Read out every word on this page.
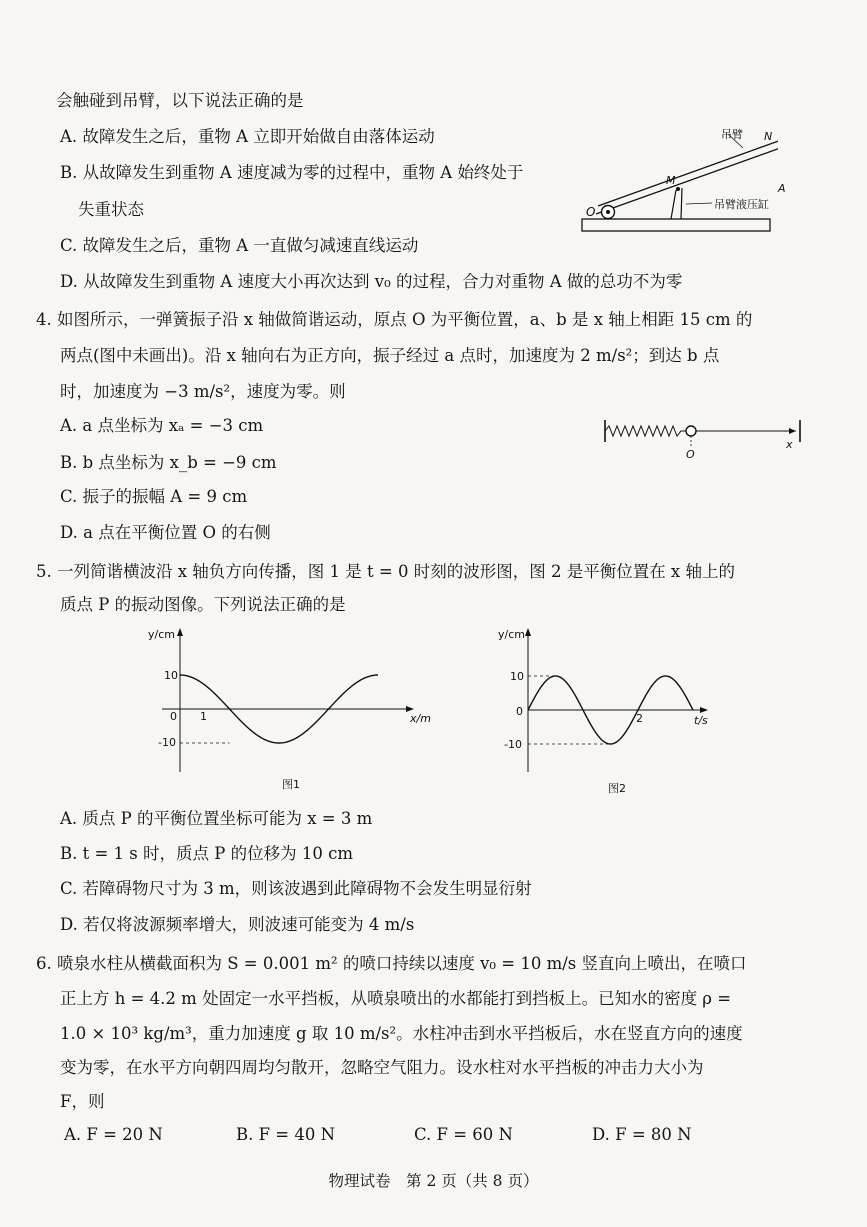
会触碰到吊臂，以下说法正确的是
A. 故障发生之后，重物 A 立即开始做自由落体运动
B. 从故障发生到重物 A 速度减为零的过程中，重物 A 始终处于
失重状态
C. 故障发生之后，重物 A 一直做匀减速直线运动
D. 从故障发生到重物 A 速度大小再次达到 v₀ 的过程，合力对重物 A 做的总功不为零
吊臂 N
M
O
吊臂液压缸
A
4. 如图所示，一弹簧振子沿 x 轴做简谐运动，原点 O 为平衡位置，a、b 是 x 轴上相距 15 cm 的
两点(图中未画出)。沿 x 轴向右为正方向，振子经过 a 点时，加速度为 2 m/s²；到达 b 点
时，加速度为 −3 m/s²，速度为零。则
A. a 点坐标为 xₐ = −3 cm
B. b 点坐标为 x_b = −9 cm
C. 振子的振幅 A = 9 cm
D. a 点在平衡位置 O 的右侧
O
x
5. 一列简谐横波沿 x 轴负方向传播，图 1 是 t = 0 时刻的波形图，图 2 是平衡位置在 x 轴上的
质点 P 的振动图像。下列说法正确的是
y/cm
x/m
10
-10
0 1
图1
y/cm
t/s
10
0
-10
2
图2
A. 质点 P 的平衡位置坐标可能为 x = 3 m
B. t = 1 s 时，质点 P 的位移为 10 cm
C. 若障碍物尺寸为 3 m，则该波遇到此障碍物不会发生明显衍射
D. 若仅将波源频率增大，则波速可能变为 4 m/s
6. 喷泉水柱从横截面积为 S = 0.001 m² 的喷口持续以速度 v₀ = 10 m/s 竖直向上喷出，在喷口
正上方 h = 4.2 m 处固定一水平挡板，从喷泉喷出的水都能打到挡板上。已知水的密度 ρ =
1.0 × 10³ kg/m³，重力加速度 g 取 10 m/s²。水柱冲击到水平挡板后，水在竖直方向的速度
变为零，在水平方向朝四周均匀散开，忽略空气阻力。设水柱对水平挡板的冲击力大小为
F，则
A. F = 20 N	B. F = 40 N	C. F = 60 N	D. F = 80 N
物理试卷　第 2 页（共 8 页）
